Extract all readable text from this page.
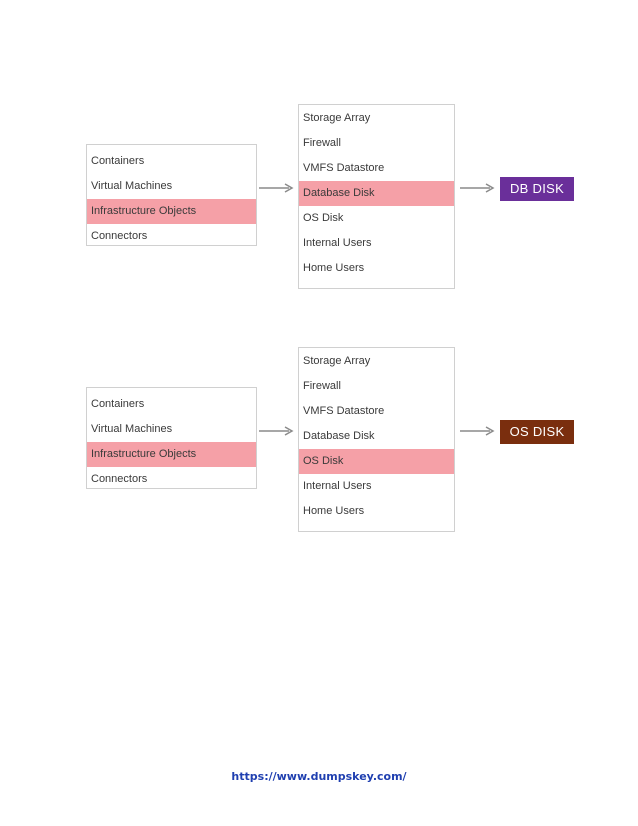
Containers
Virtual Machines
Infrastructure Objects
Connectors
Storage Array
Firewall
VMFS Datastore
Database Disk
OS Disk
Internal Users
Home Users
DB DISK
Containers
Virtual Machines
Infrastructure Objects
Connectors
Storage Array
Firewall
VMFS Datastore
Database Disk
OS Disk
Internal Users
Home Users
OS DISK
https://www.dumpskey.com/
